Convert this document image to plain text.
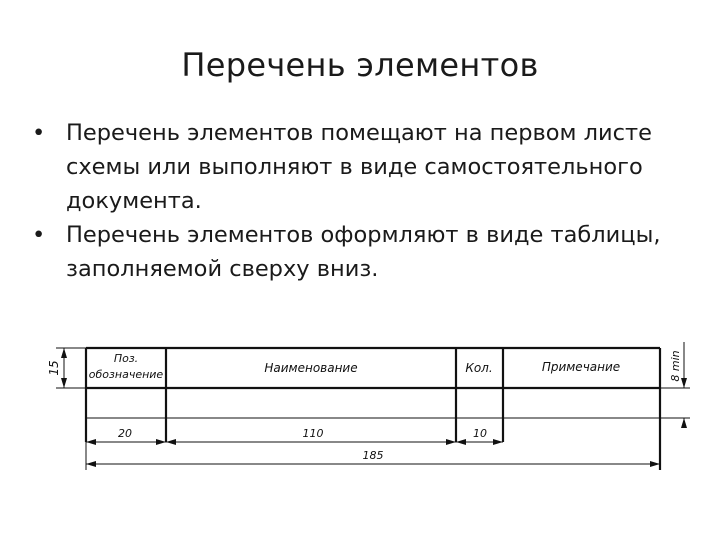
Перечень элементов
• Перечень элементов помещают на первом листе схемы или выполняют в виде самостоятельного документа.
• Перечень элементов оформляют в виде таблицы, заполняемой сверху вниз.
Поз.
обозначение	Наименование	Кол.	Примечание
15	8 min
20	110	10
185
